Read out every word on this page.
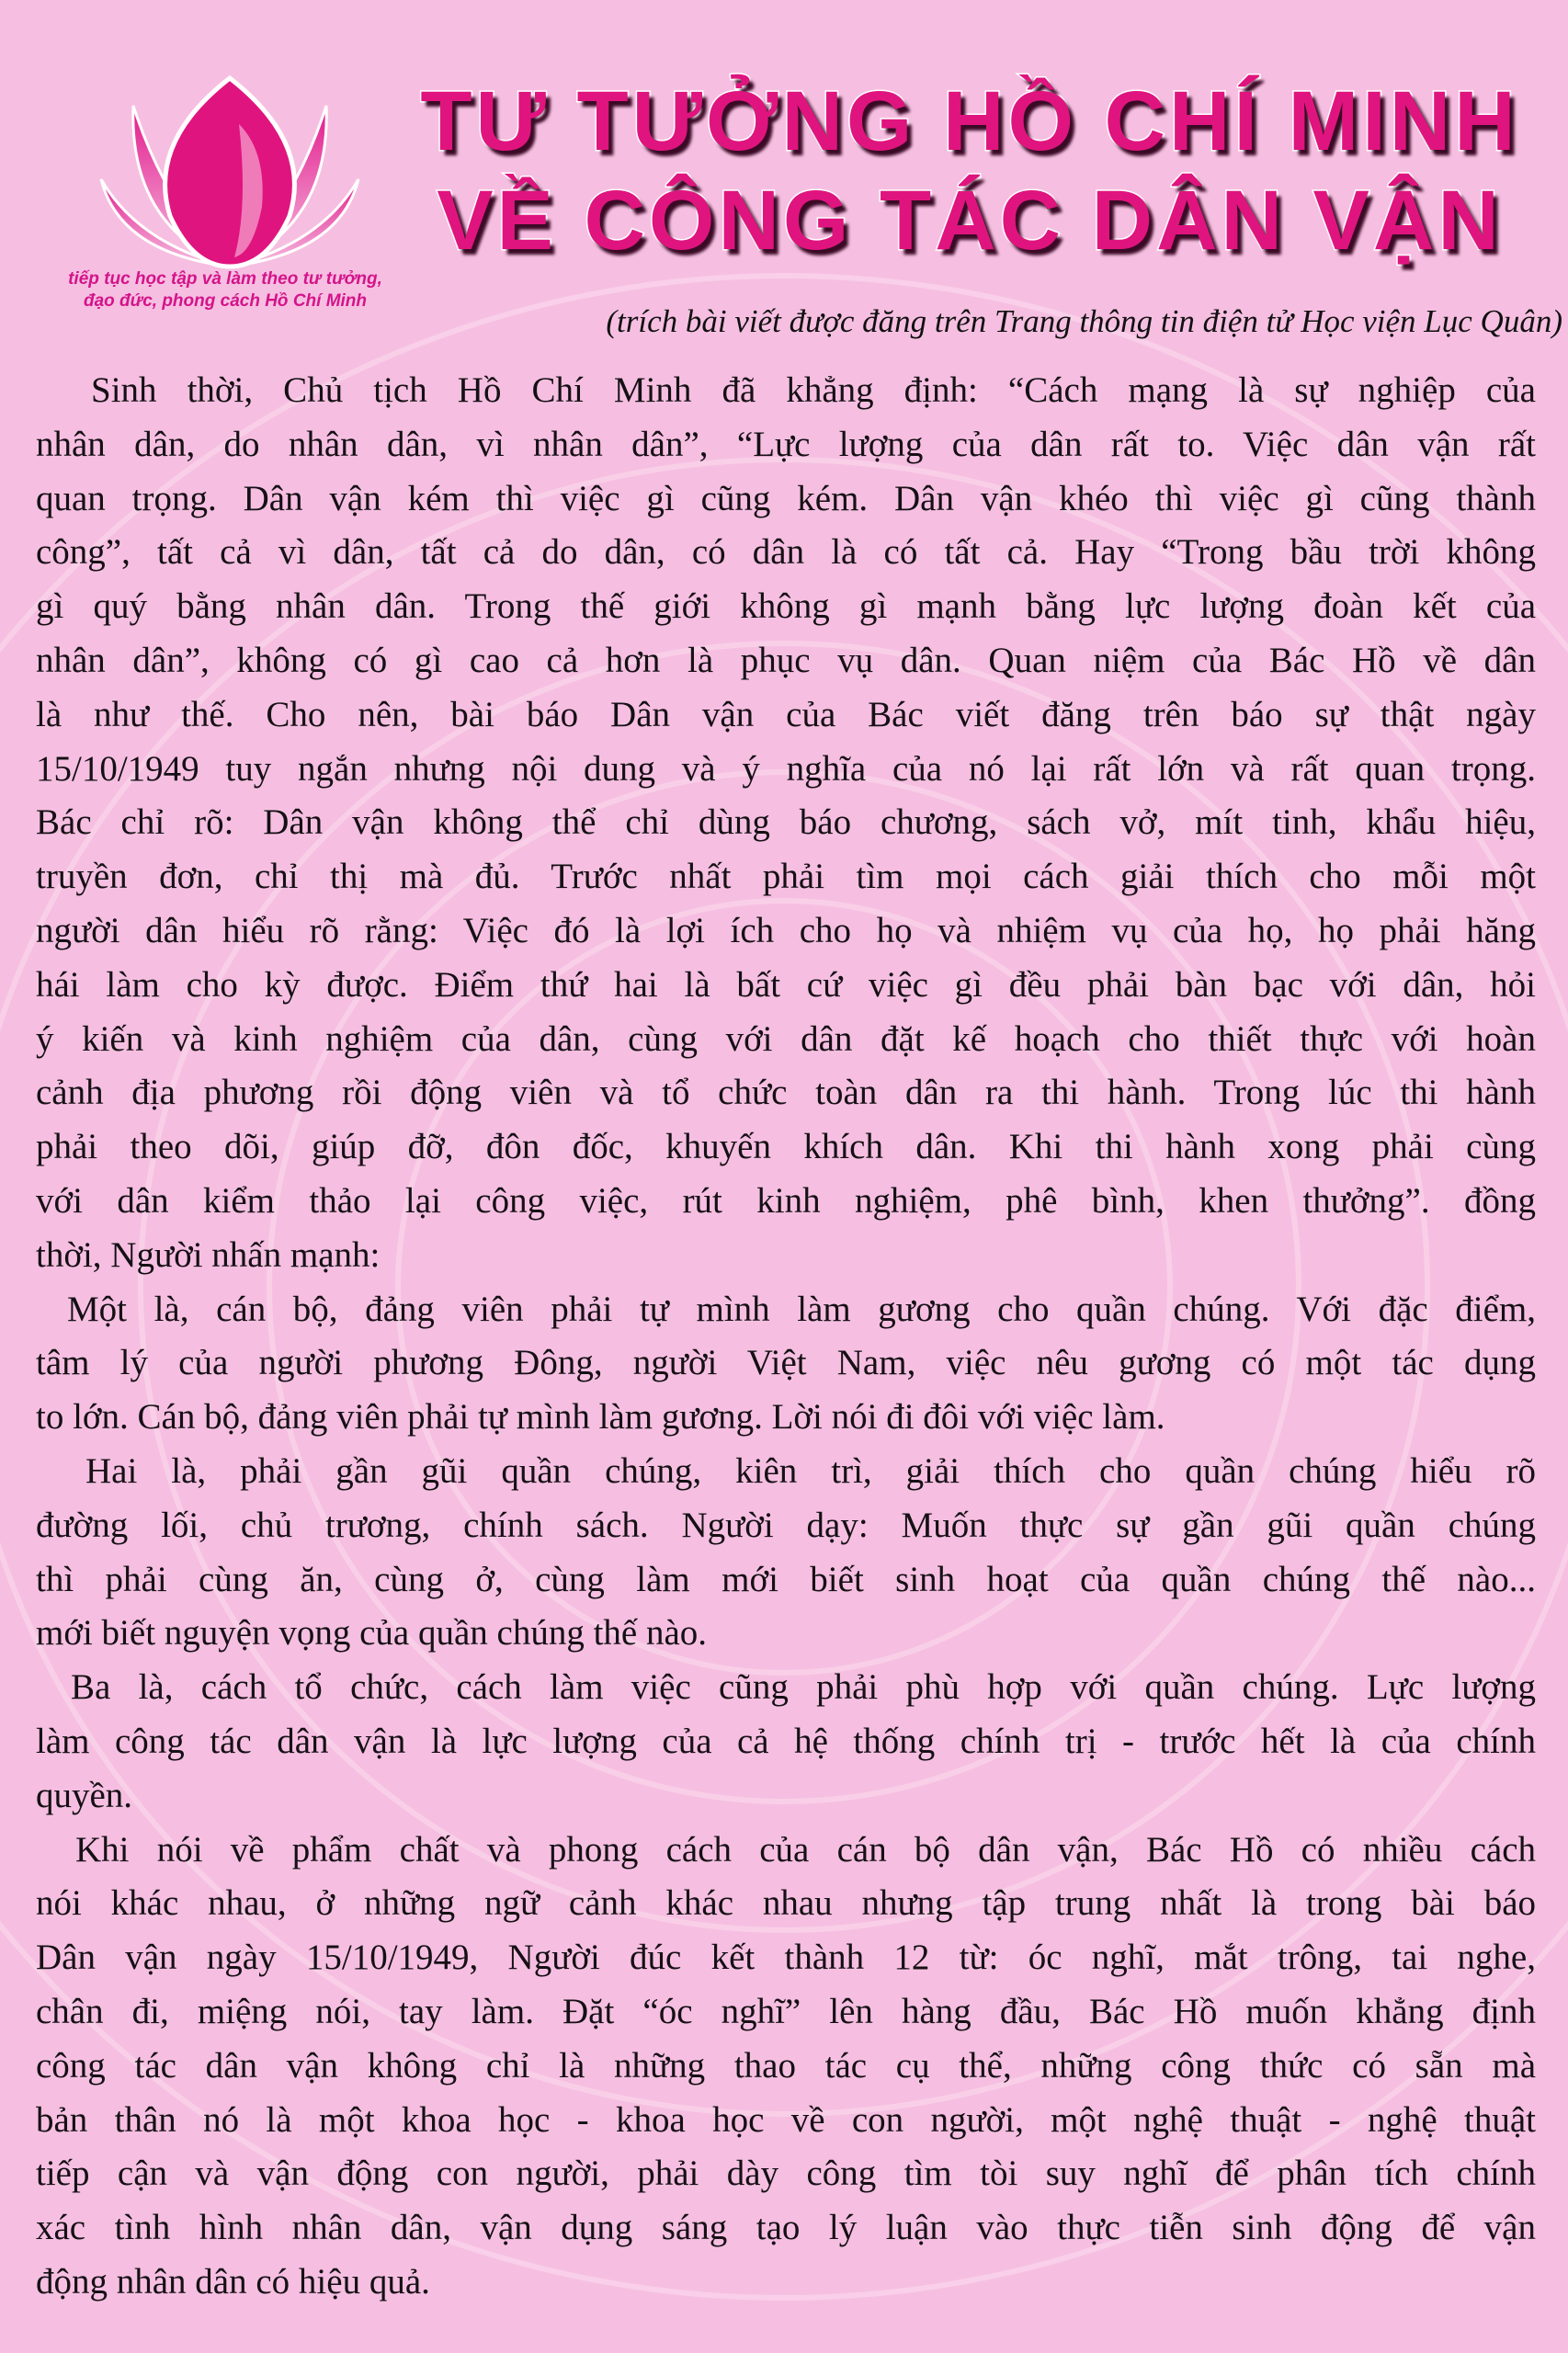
tiếp tục học tập và làm theo tư tưởng,
đạo đức, phong cách Hồ Chí Minh
TƯ TƯỞNG HỒ CHÍ MINH
VỀ CÔNG TÁC DÂN VẬN
(trích bài viết được đăng trên Trang thông tin điện tử Học viện Lục Quân)
Sinh thời, Chủ tịch Hồ Chí Minh đã khẳng định: “Cách mạng là sự nghiệp của
nhân dân, do nhân dân, vì nhân dân”, “Lực lượng của dân rất to. Việc dân vận rất
quan trọng. Dân vận kém thì việc gì cũng kém. Dân vận khéo thì việc gì cũng thành
công”, tất cả vì dân, tất cả do dân, có dân là có tất cả. Hay “Trong bầu trời không
gì quý bằng nhân dân. Trong thế giới không gì mạnh bằng lực lượng đoàn kết của
nhân dân”, không có gì cao cả hơn là phục vụ dân. Quan niệm của Bác Hồ về dân
là như thế. Cho nên, bài báo Dân vận của Bác viết đăng trên báo sự thật ngày
15/10/1949 tuy ngắn nhưng nội dung và ý nghĩa của nó lại rất lớn và rất quan trọng.
Bác chỉ rõ: Dân vận không thể chỉ dùng báo chương, sách vở, mít tinh, khẩu hiệu,
truyền đơn, chỉ thị mà đủ. Trước nhất phải tìm mọi cách giải thích cho mỗi một
người dân hiểu rõ rằng: Việc đó là lợi ích cho họ và nhiệm vụ của họ, họ phải hăng
hái làm cho kỳ được. Điểm thứ hai là bất cứ việc gì đều phải bàn bạc với dân, hỏi
ý kiến và kinh nghiệm của dân, cùng với dân đặt kế hoạch cho thiết thực với hoàn
cảnh địa phương rồi động viên và tổ chức toàn dân ra thi hành. Trong lúc thi hành
phải theo dõi, giúp đỡ, đôn đốc, khuyến khích dân. Khi thi hành xong phải cùng
với dân kiểm thảo lại công việc, rút kinh nghiệm, phê bình, khen thưởng”. đồng
thời, Người nhấn mạnh:
Một là, cán bộ, đảng viên phải tự mình làm gương cho quần chúng. Với đặc điểm,
tâm lý của người phương Đông, người Việt Nam, việc nêu gương có một tác dụng
to lớn. Cán bộ, đảng viên phải tự mình làm gương. Lời nói đi đôi với việc làm.
Hai là, phải gần gũi quần chúng, kiên trì, giải thích cho quần chúng hiểu rõ
đường lối, chủ trương, chính sách. Người dạy: Muốn thực sự gần gũi quần chúng
thì phải cùng ăn, cùng ở, cùng làm mới biết sinh hoạt của quần chúng thế nào...
mới biết nguyện vọng của quần chúng thế nào.
Ba là, cách tổ chức, cách làm việc cũng phải phù hợp với quần chúng. Lực lượng
làm công tác dân vận là lực lượng của cả hệ thống chính trị - trước hết là của chính
quyền.
Khi nói về phẩm chất và phong cách của cán bộ dân vận, Bác Hồ có nhiều cách
nói khác nhau, ở những ngữ cảnh khác nhau nhưng tập trung nhất là trong bài báo
Dân vận ngày 15/10/1949, Người đúc kết thành 12 từ: óc nghĩ, mắt trông, tai nghe,
chân đi, miệng nói, tay làm. Đặt “óc nghĩ” lên hàng đầu, Bác Hồ muốn khẳng định
công tác dân vận không chỉ là những thao tác cụ thể, những công thức có sẵn mà
bản thân nó là một khoa học - khoa học về con người, một nghệ thuật - nghệ thuật
tiếp cận và vận động con người, phải dày công tìm tòi suy nghĩ để phân tích chính
xác tình hình nhân dân, vận dụng sáng tạo lý luận vào thực tiễn sinh động để vận
động nhân dân có hiệu quả.
